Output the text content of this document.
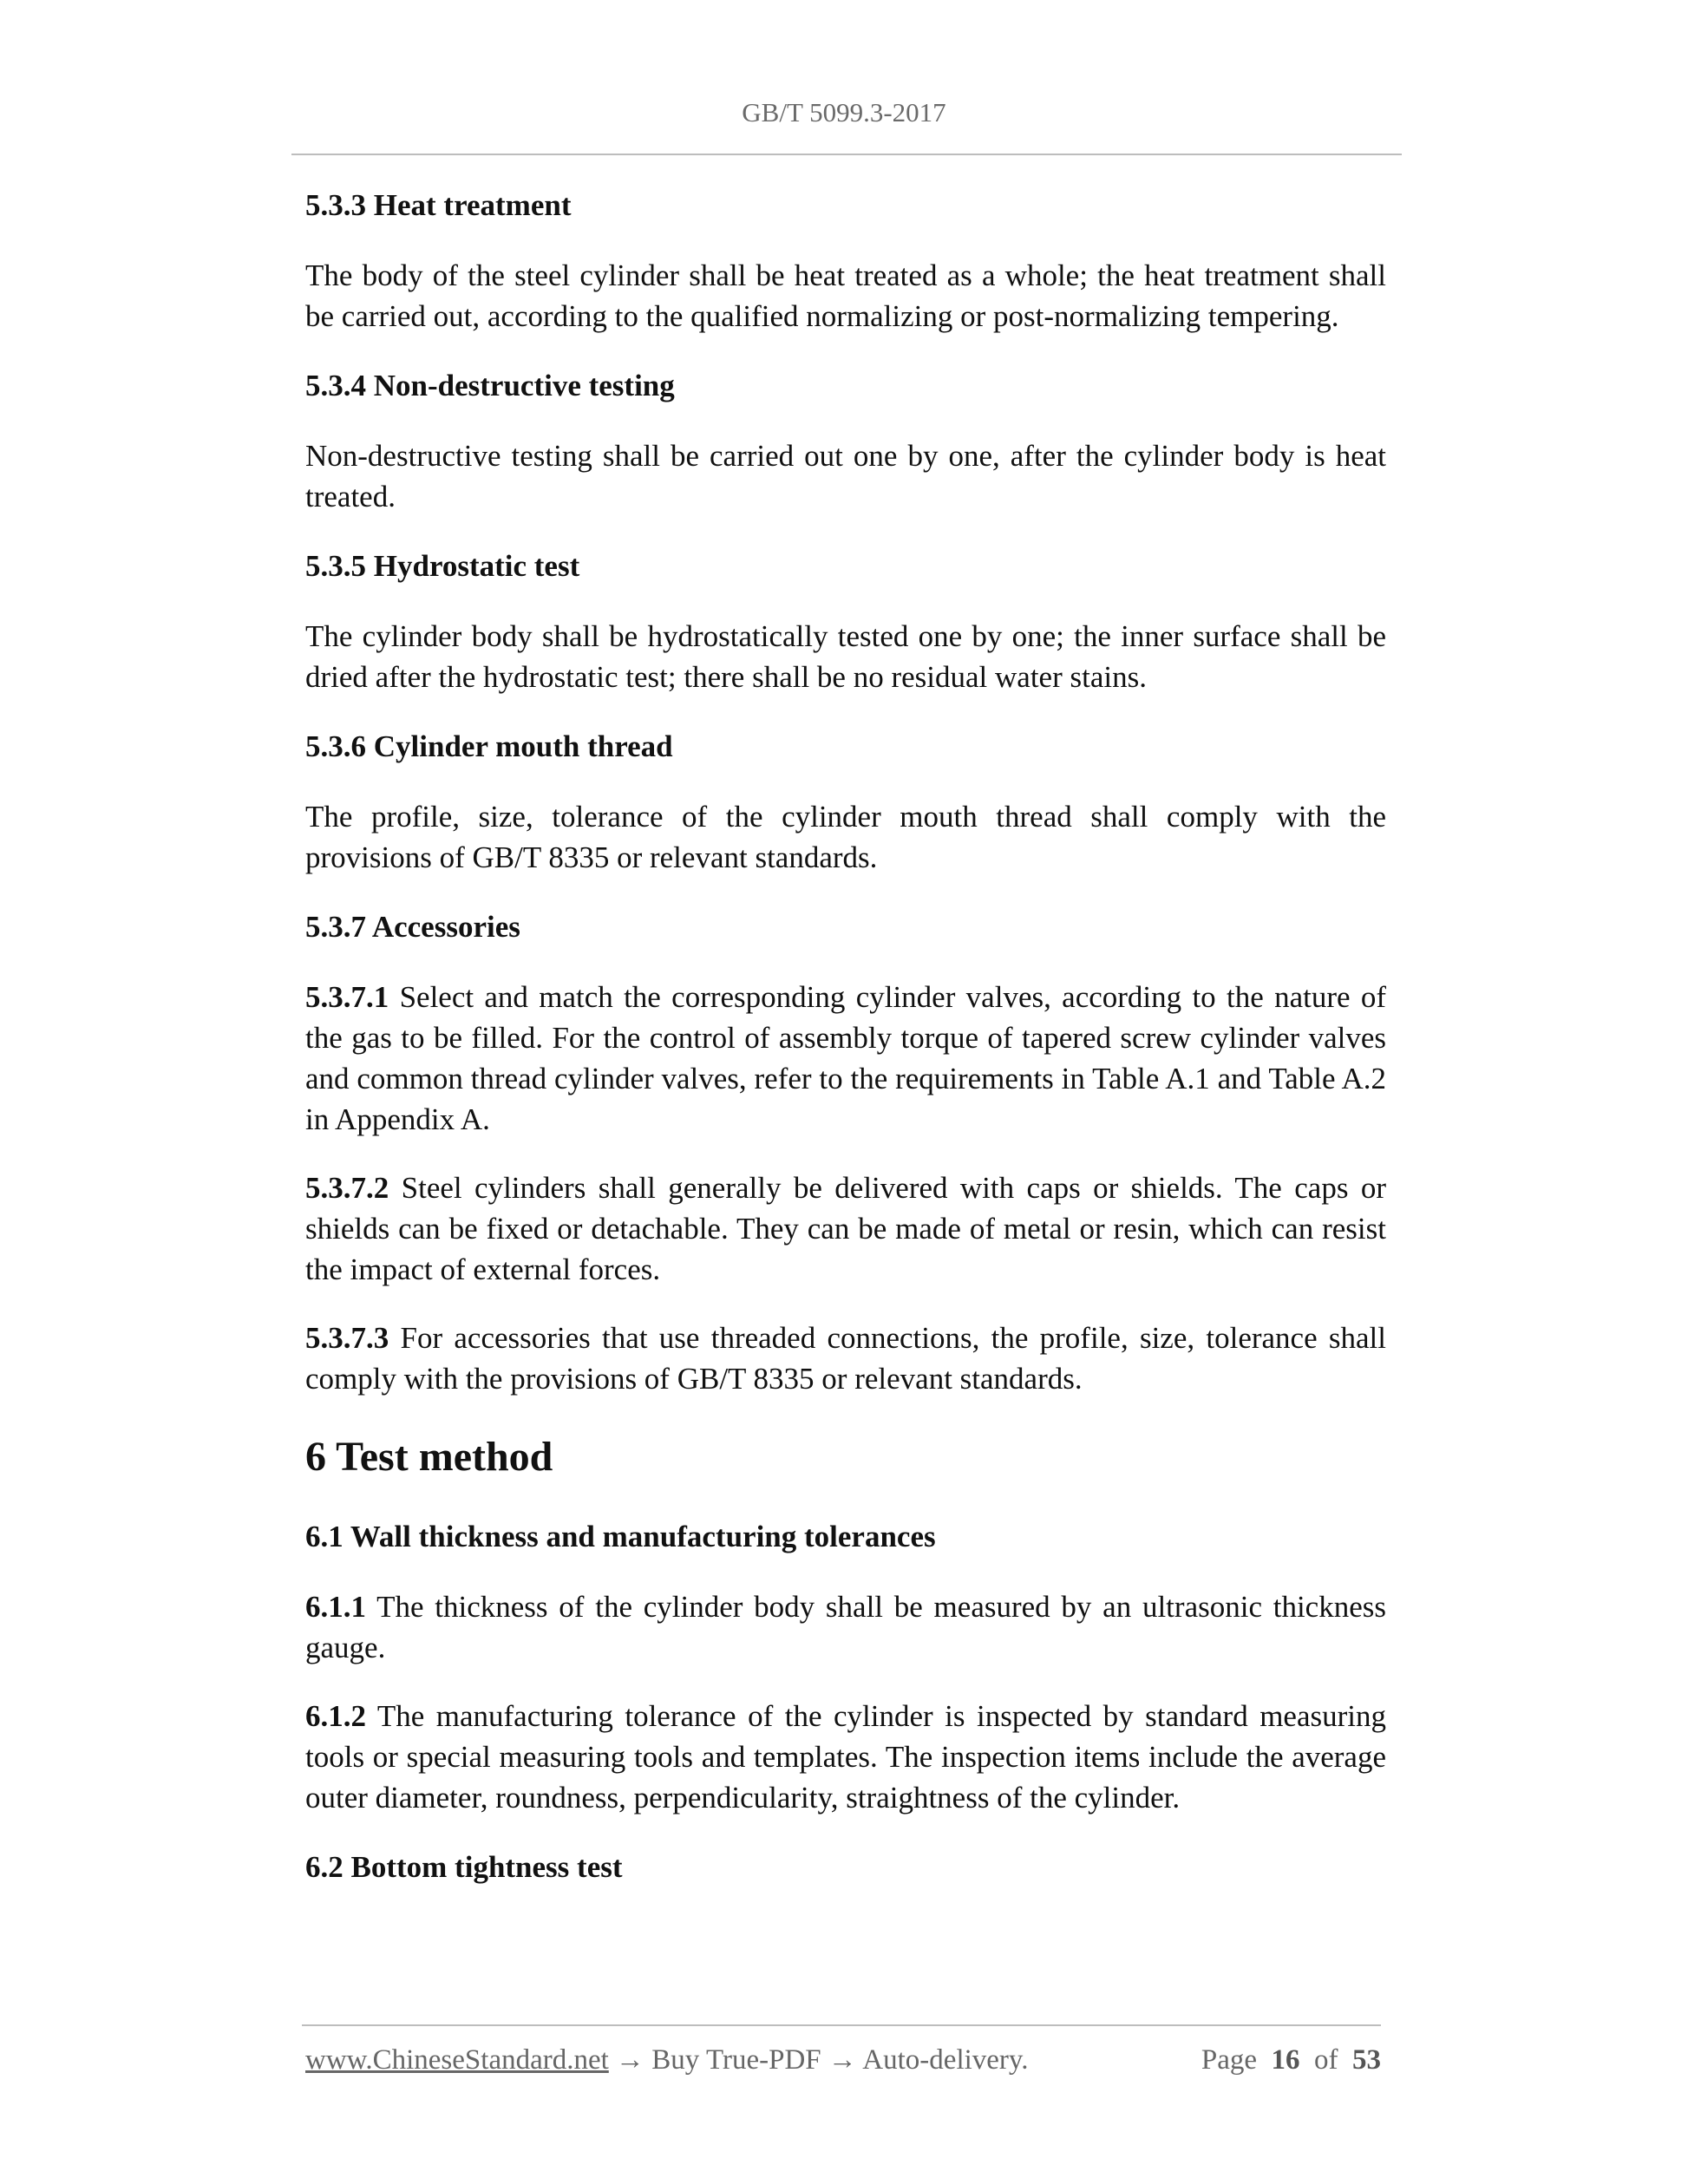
GB/T 5099.3-2017
5.3.3 Heat treatment
The body of the steel cylinder shall be heat treated as a whole; the heat treatment shall be carried out, according to the qualified normalizing or post-normalizing tempering.
5.3.4 Non-destructive testing
Non-destructive testing shall be carried out one by one, after the cylinder body is heat treated.
5.3.5 Hydrostatic test
The cylinder body shall be hydrostatically tested one by one; the inner surface shall be dried after the hydrostatic test; there shall be no residual water stains.
5.3.6 Cylinder mouth thread
The profile, size, tolerance of the cylinder mouth thread shall comply with the provisions of GB/T 8335 or relevant standards.
5.3.7 Accessories
5.3.7.1 Select and match the corresponding cylinder valves, according to the nature of the gas to be filled. For the control of assembly torque of tapered screw cylinder valves and common thread cylinder valves, refer to the requirements in Table A.1 and Table A.2 in Appendix A.
5.3.7.2 Steel cylinders shall generally be delivered with caps or shields. The caps or shields can be fixed or detachable. They can be made of metal or resin, which can resist the impact of external forces.
5.3.7.3 For accessories that use threaded connections, the profile, size, tolerance shall comply with the provisions of GB/T 8335 or relevant standards.
6 Test method
6.1 Wall thickness and manufacturing tolerances
6.1.1 The thickness of the cylinder body shall be measured by an ultrasonic thickness gauge.
6.1.2 The manufacturing tolerance of the cylinder is inspected by standard measuring tools or special measuring tools and templates. The inspection items include the average outer diameter, roundness, perpendicularity, straightness of the cylinder.
6.2 Bottom tightness test
www.ChineseStandard.net → Buy True-PDF → Auto-delivery.	Page 16 of 53
